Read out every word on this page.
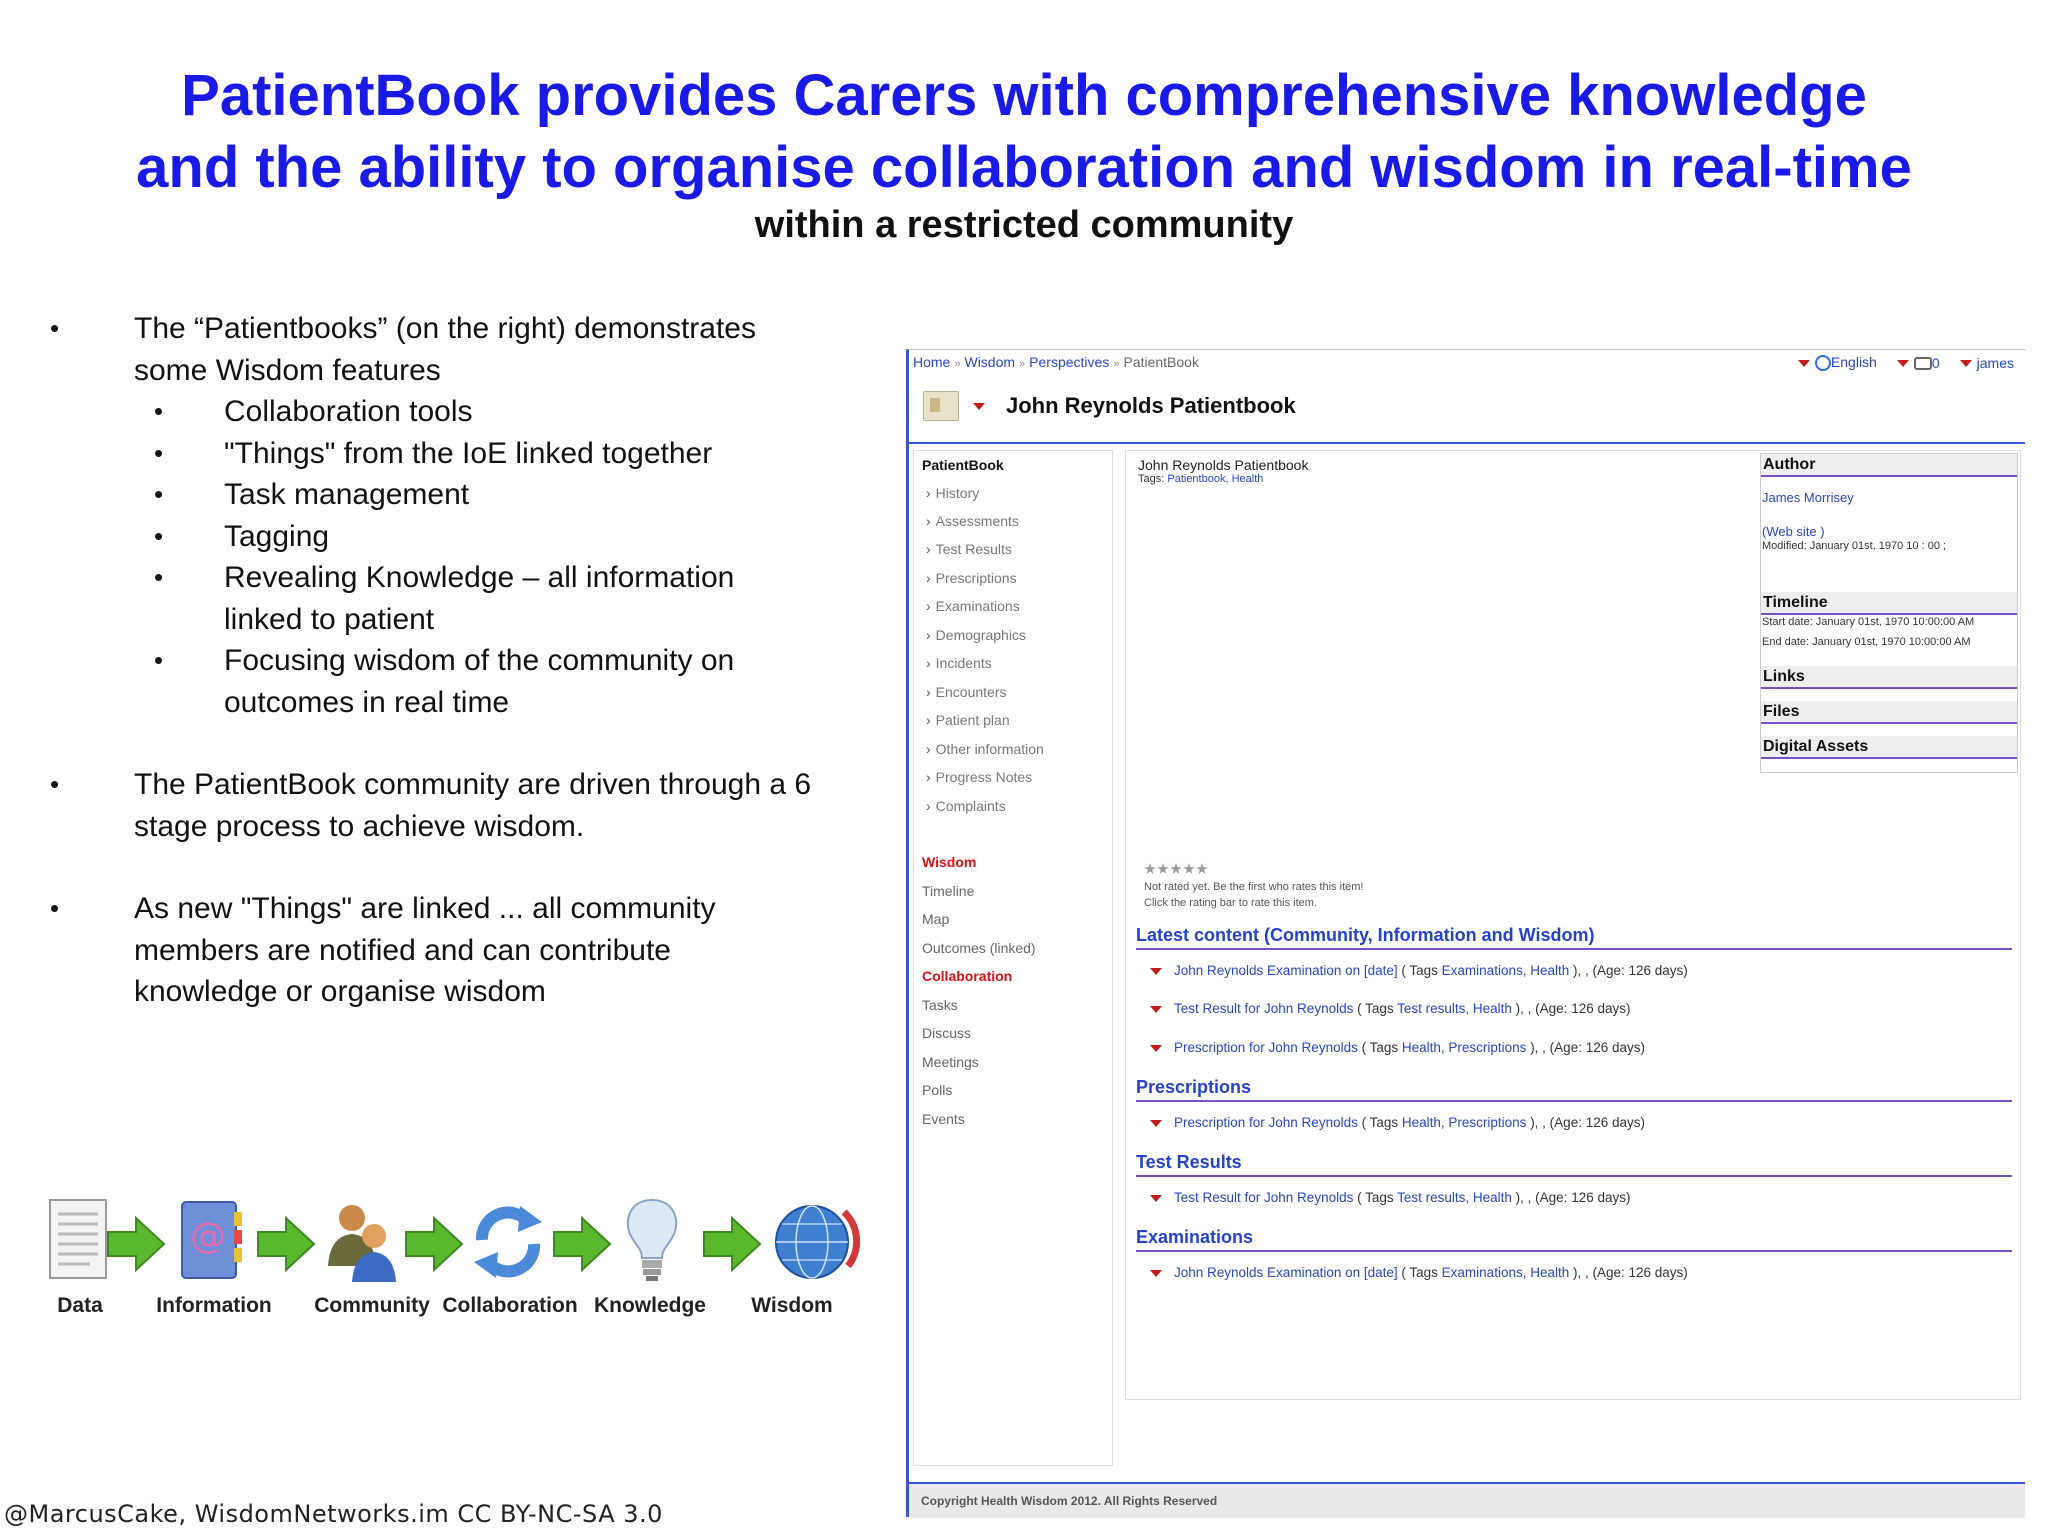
PatientBook provides Carers with comprehensive knowledge
and the ability to organise collaboration and wisdom in real-time
within a restricted community
• The “Patientbooks” (on the right) demonstrates
some Wisdom features
• Collaboration tools
• "Things" from the IoE linked together
• Task management
• Tagging
• Revealing Knowledge – all information
linked to patient
• Focusing wisdom of the community on
outcomes in real time
• The PatientBook community are driven through a 6
stage process to achieve wisdom.
• As new "Things" are linked ... all community
members are notified and can contribute
knowledge or organise wisdom
@
Data	Information	Community Collaboration Knowledge	Wisdom
@MarcusCake, WisdomNetworks.im CC BY-NC-SA 3.0
Home » Wisdom » Perspectives » PatientBook	English	0	james
John Reynolds Patientbook
PatientBook
› History
› Assessments
› Test Results
› Prescriptions
› Examinations
› Demographics
› Incidents
› Encounters
› Patient plan
› Other information
› Progress Notes
› Complaints
Wisdom
Timeline
Map
Outcomes (linked)
Collaboration
Tasks
Discuss
Meetings
Polls
Events
John Reynolds Patientbook
Tags: Patientbook, Health
Author
James Morrisey
(Web site )
Modified: January 01st, 1970 10 : 00 ;
Timeline
Start date: January 01st, 1970 10:00:00 AM
End date: January 01st, 1970 10:00:00 AM
Links
Files
Digital Assets
Not rated yet. Be the first who rates this item!
Click the rating bar to rate this item.
Latest content (Community, Information and Wisdom)
John Reynolds Examination on [date] ( Tags Examinations, Health ), , (Age: 126 days)
Test Result for John Reynolds ( Tags Test results, Health ), , (Age: 126 days)
Prescription for John Reynolds ( Tags Health, Prescriptions ), , (Age: 126 days)
Prescriptions
Prescription for John Reynolds ( Tags Health, Prescriptions ), , (Age: 126 days)
Test Results
Test Result for John Reynolds ( Tags Test results, Health ), , (Age: 126 days)
Examinations
John Reynolds Examination on [date] ( Tags Examinations, Health ), , (Age: 126 days)
Copyright Health Wisdom 2012. All Rights Reserved
